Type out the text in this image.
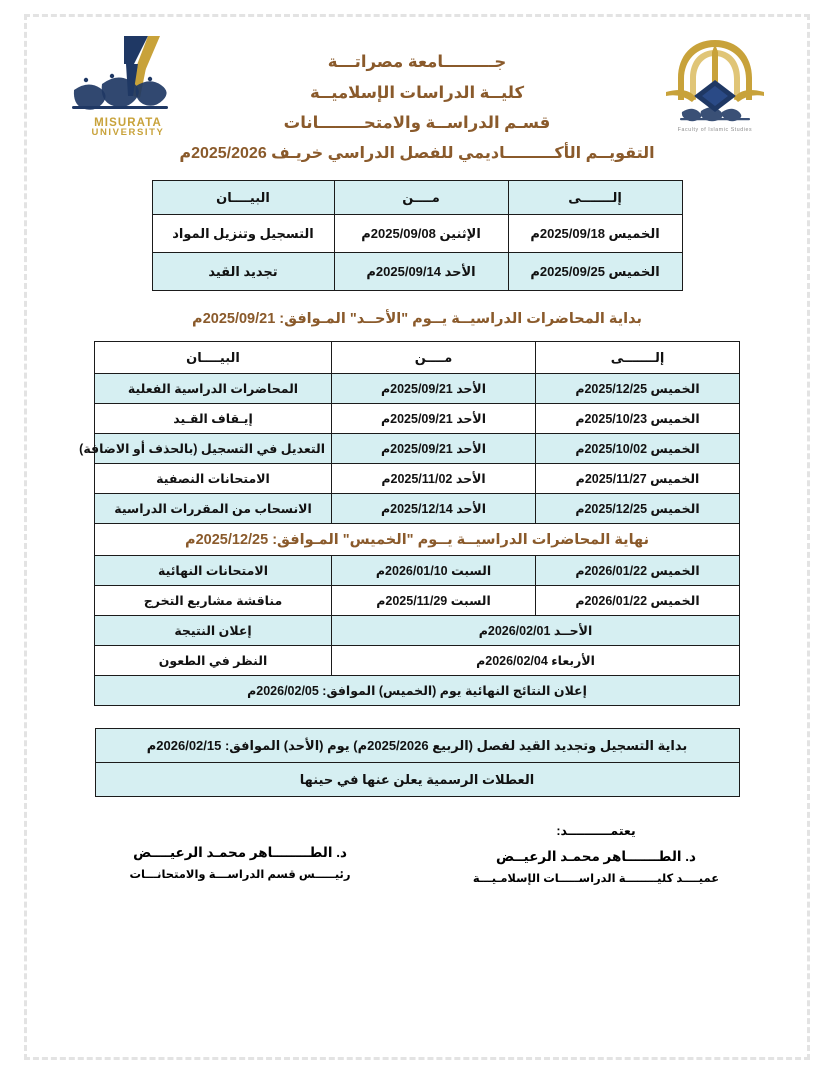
MISURATA
UNIVERSITY	Faculty of Islamic Studies
جـــــــــامعة مصراتـــة
كليــة الدراسات الإسلاميــة
قسـم الدراســة والامتحــــــــانات
التقويــم الأكـــــــــاديمي للفصل الدراسي خريـف 2025/2026م
إلـــــــى	مــــن	البيــــان
الخميس 2025/09/18م	الإثنين 2025/09/08م	التسجيل وتنزيل المواد
الخميس 2025/09/25م	الأحد 2025/09/14م	تجديد القيد
بداية المحاضرات الدراسيــة يــوم "الأحــد" المـوافق: 2025/09/21م
إلـــــــى	مــــن	البيــــان
الخميس 2025/12/25م	الأحد 2025/09/21م	المحاضرات الدراسية الفعلية
الخميس 2025/10/23م	الأحد 2025/09/21م	إيـقاف القـيد
الخميس 2025/10/02م	الأحد 2025/09/21م	التعديل في التسجيل (بالحذف أو الاضافة)
الخميس 2025/11/27م	الأحد 2025/11/02م	الامتحانات النصفية
الخميس 2025/12/25م	الأحد 2025/12/14م	الانسحاب من المقررات الدراسية
نهاية المحاضرات الدراسيــة يــوم "الخميس" المـوافق: 2025/12/25م		
الخميس 2026/01/22م	السبت 2026/01/10م	الامتحانات النهائية
الخميس 2026/01/22م	السبت 2025/11/29م	مناقشة مشاريع التخرج
الأحــد 2026/02/01م		إعلان النتيجة
الأربعاء 2026/02/04م		النظر في الطعون
إعلان النتائج النهائية يوم (الخميس) الموافق: 2026/02/05م		
بداية التسجيل وتجديد القيد لفصل (الربيع 2025/2026م) يوم (الأحد) الموافق: 2026/02/15م
العطلات الرسمية يعلن عنها في حينها
يعتمــــــــــد:
د. الطـــــــاهر محمـد الرعيــض
عميــــد كليــــــــة الدراســـــات الإسلامـيـــة
د. الطــــــــاهر محمـد الرعيــــض
رئيـــــس قسم الدراســـة والامتحانـــات
